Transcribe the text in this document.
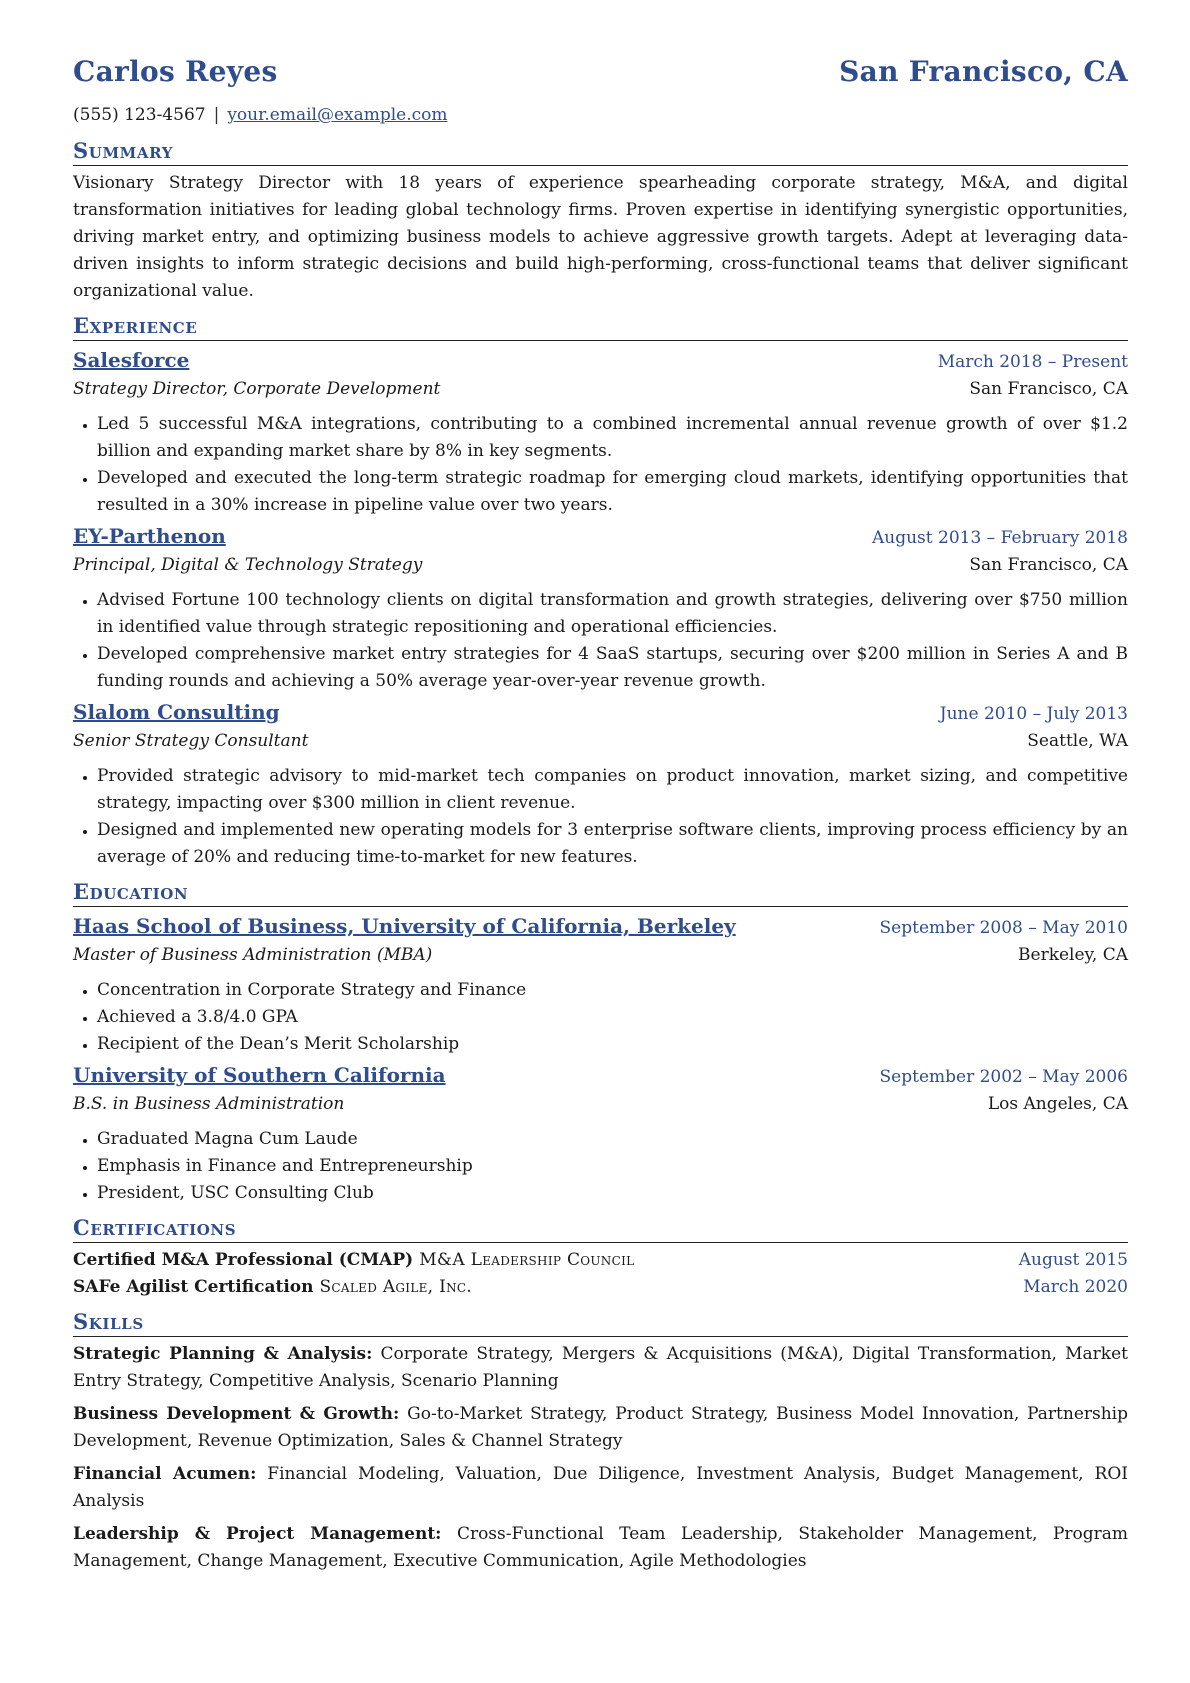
Carlos Reyes	San Francisco, CA
(555) 123-4567 | your.email@example.com
Summary

Visionary Strategy Director with 18 years of experience spearheading corporate strategy, M&A, and digital transformation initiatives for leading global technology firms. Proven expertise in identifying synergistic opportunities, driving market entry, and optimizing business models to achieve aggressive growth targets. Adept at leveraging data-driven insights to inform strategic decisions and build high-performing, cross-functional teams that deliver significant organizational value.

Experience
Salesforce	March 2018 – Present
Strategy Director, Corporate Development	San Francisco, CA
• Led 5 successful M&A integrations, contributing to a combined incremental annual revenue growth of over $1.2 billion and expanding market share by 8% in key segments.
• Developed and executed the long-term strategic roadmap for emerging cloud markets, identifying opportunities that resulted in a 30% increase in pipeline value over two years.
EY-Parthenon	August 2013 – February 2018
Principal, Digital & Technology Strategy	San Francisco, CA
• Advised Fortune 100 technology clients on digital transformation and growth strategies, delivering over $750 million in identified value through strategic repositioning and operational efficiencies.
• Developed comprehensive market entry strategies for 4 SaaS startups, securing over $200 million in Series A and B funding rounds and achieving a 50% average year-over-year revenue growth.
Slalom Consulting	June 2010 – July 2013
Senior Strategy Consultant	Seattle, WA
• Provided strategic advisory to mid-market tech companies on product innovation, market sizing, and competitive strategy, impacting over $300 million in client revenue.
• Designed and implemented new operating models for 3 enterprise software clients, improving process efficiency by an average of 20% and reducing time-to-market for new features.
Education
Haas School of Business, University of California, Berkeley	September 2008 – May 2010
Master of Business Administration (MBA)	Berkeley, CA
• Concentration in Corporate Strategy and Finance
• Achieved a 3.8/4.0 GPA
• Recipient of the Dean’s Merit Scholarship
University of Southern California	September 2002 – May 2006
B.S. in Business Administration	Los Angeles, CA
• Graduated Magna Cum Laude
• Emphasis in Finance and Entrepreneurship
• President, USC Consulting Club
Certifications
Certified M&A Professional (CMAP) M&A Leadership Council	August 2015
SAFe Agilist Certification Scaled Agile, Inc.	March 2020
Skills

Strategic Planning & Analysis: Corporate Strategy, Mergers & Acquisitions (M&A), Digital Transformation, Market Entry Strategy, Competitive Analysis, Scenario Planning

Business Development & Growth: Go-to-Market Strategy, Product Strategy, Business Model Innovation, Partnership Development, Revenue Optimization, Sales & Channel Strategy

Financial Acumen: Financial Modeling, Valuation, Due Diligence, Investment Analysis, Budget Management, ROI Analysis

Leadership & Project Management: Cross-Functional Team Leadership, Stakeholder Management, Program Management, Change Management, Executive Communication, Agile Methodologies
